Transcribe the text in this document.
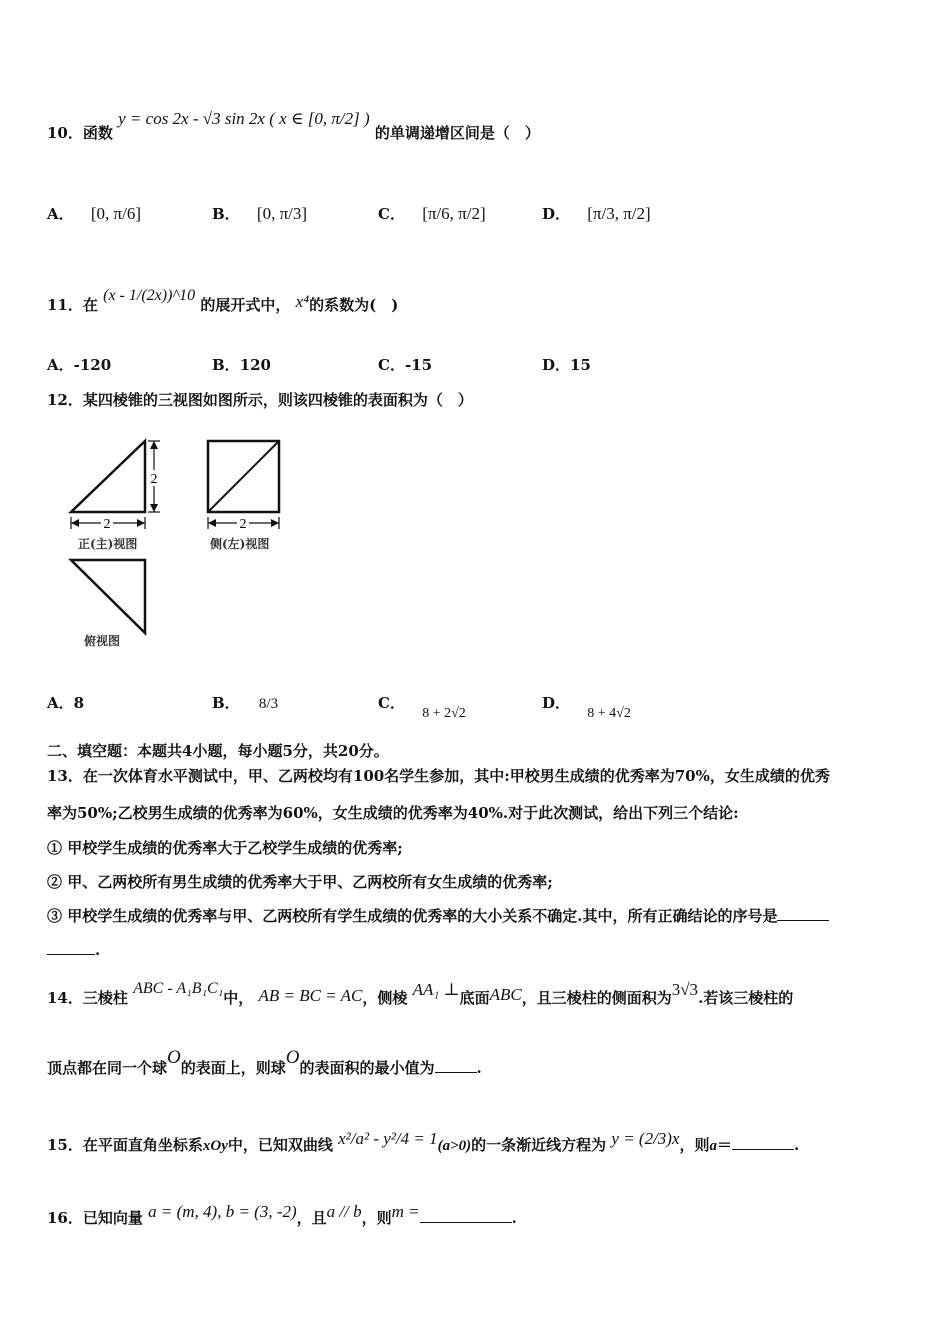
10．函数 y = cos 2x - √3 sin 2x ( x ∈ [0, π/2] ) 的单调递增区间是（　）
A． [0, π/6]	B． [0, π/3]	C． [π/6, π/2]	D． [π/3, π/2]
11．在 (x - 1/(2x))^10 的展开式中， x⁴的系数为(　)
A．-120	B．120	C．-15	D．15
12．某四棱锥的三视图如图所示，则该四棱锥的表面积为（　）
2
2	2
正(主)视图	侧(左)视图
俯视图
A．8	B． 8/3	C． 8 + 2√2
D． 8 + 4√2
二、填空题：本题共4小题，每小题5分，共20分。
13．在一次体育水平测试中，甲、乙两校均有100名学生参加，其中:甲校男生成绩的优秀率为70%，女生成绩的优秀
率为50%;乙校男生成绩的优秀率为60%，女生成绩的优秀率为40%.对于此次测试，给出下列三个结论:
① 甲校学生成绩的优秀率大于乙校学生成绩的优秀率;
② 甲、乙两校所有男生成绩的优秀率大于甲、乙两校所有女生成绩的优秀率;
③ 甲校学生成绩的优秀率与甲、乙两校所有学生成绩的优秀率的大小关系不确定.其中，所有正确结论的序号是
.
14．三棱柱 ABC - A₁B₁C₁中， AB = BC = AC，侧棱 AA₁ ⊥底面ABC，且三棱柱的侧面积为3√3.若该三棱柱的
顶点都在同一个球O的表面上，则球O的表面积的最小值为	.
15．在平面直角坐标系xOy中，已知双曲线 x²/a² - y²/4 = 1(a>0)的一条渐近线方程为 y = (2/3)x，则a＝	.
16．已知向量 a = (m, 4), b = (3, -2)，且a // b，则m =	.
